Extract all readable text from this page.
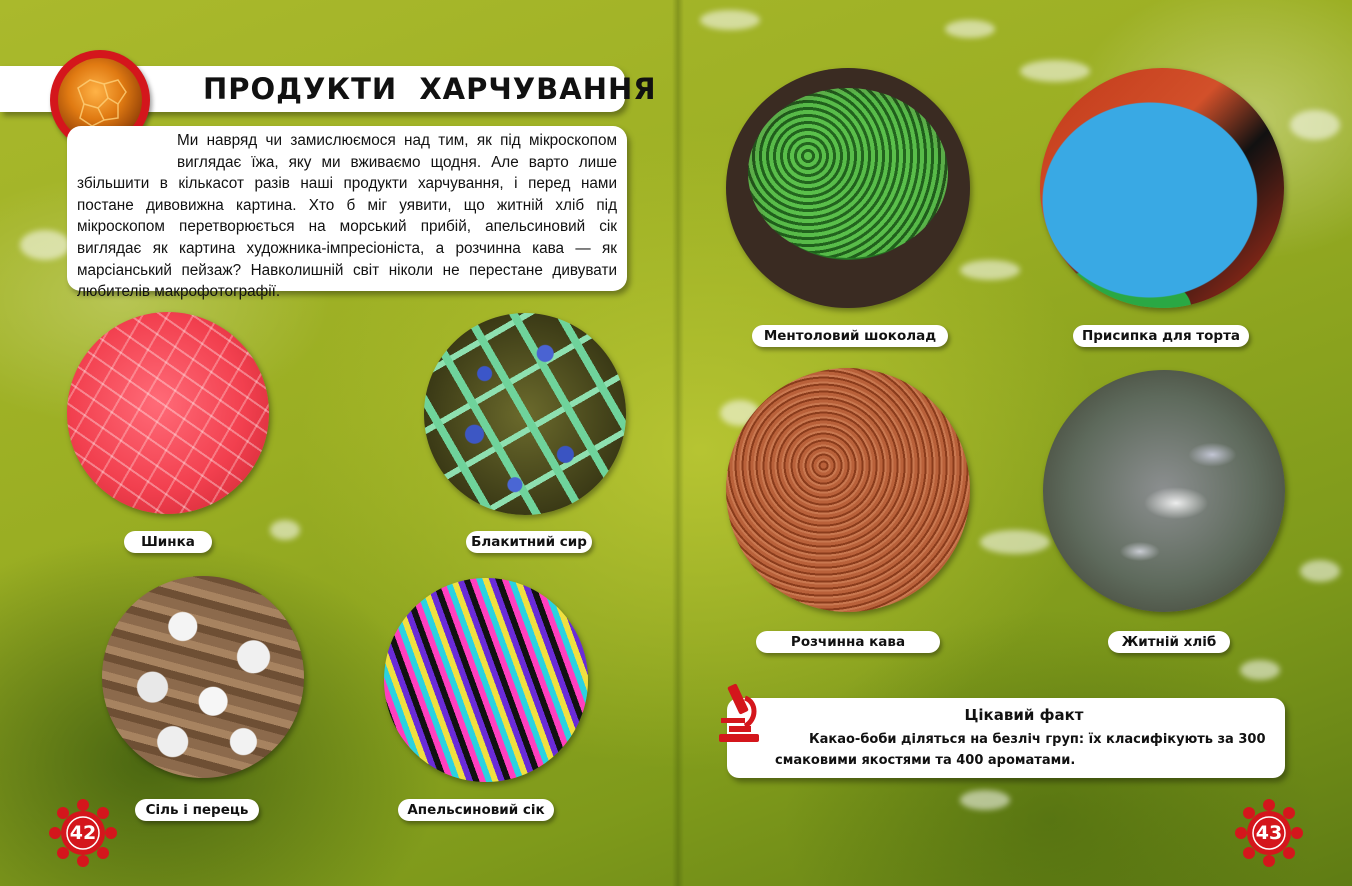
ПРОДУКТИ  ХАРЧУВАННЯ
Ми навряд чи замислюємося над тим, як під мікроскопом виглядає їжа, яку ми вживаємо щодня. Але варто лише збільшити в кількасот разів наші продукти харчування, і перед нами постане дивовижна картина. Хто б міг уявити, що житній хліб під мікроскопом перетворюється на морський прибій, апельсиновий сік виглядає як картина художника-імпресіоніста, а розчинна кава — як марсіанський пейзаж? Навколишній світ ніколи не перестане дивувати любителів макрофотографії.
Шинка	Блакитний сир
Сіль і перець	Апельсиновий сік
Ментоловий шоколад	Присипка для торта
Розчинна кава	Житній хліб
Цікавий факт
Какао-боби діляться на безліч груп: їх класифікують за 300 смаковими якостями та 400 ароматами.
42	43
